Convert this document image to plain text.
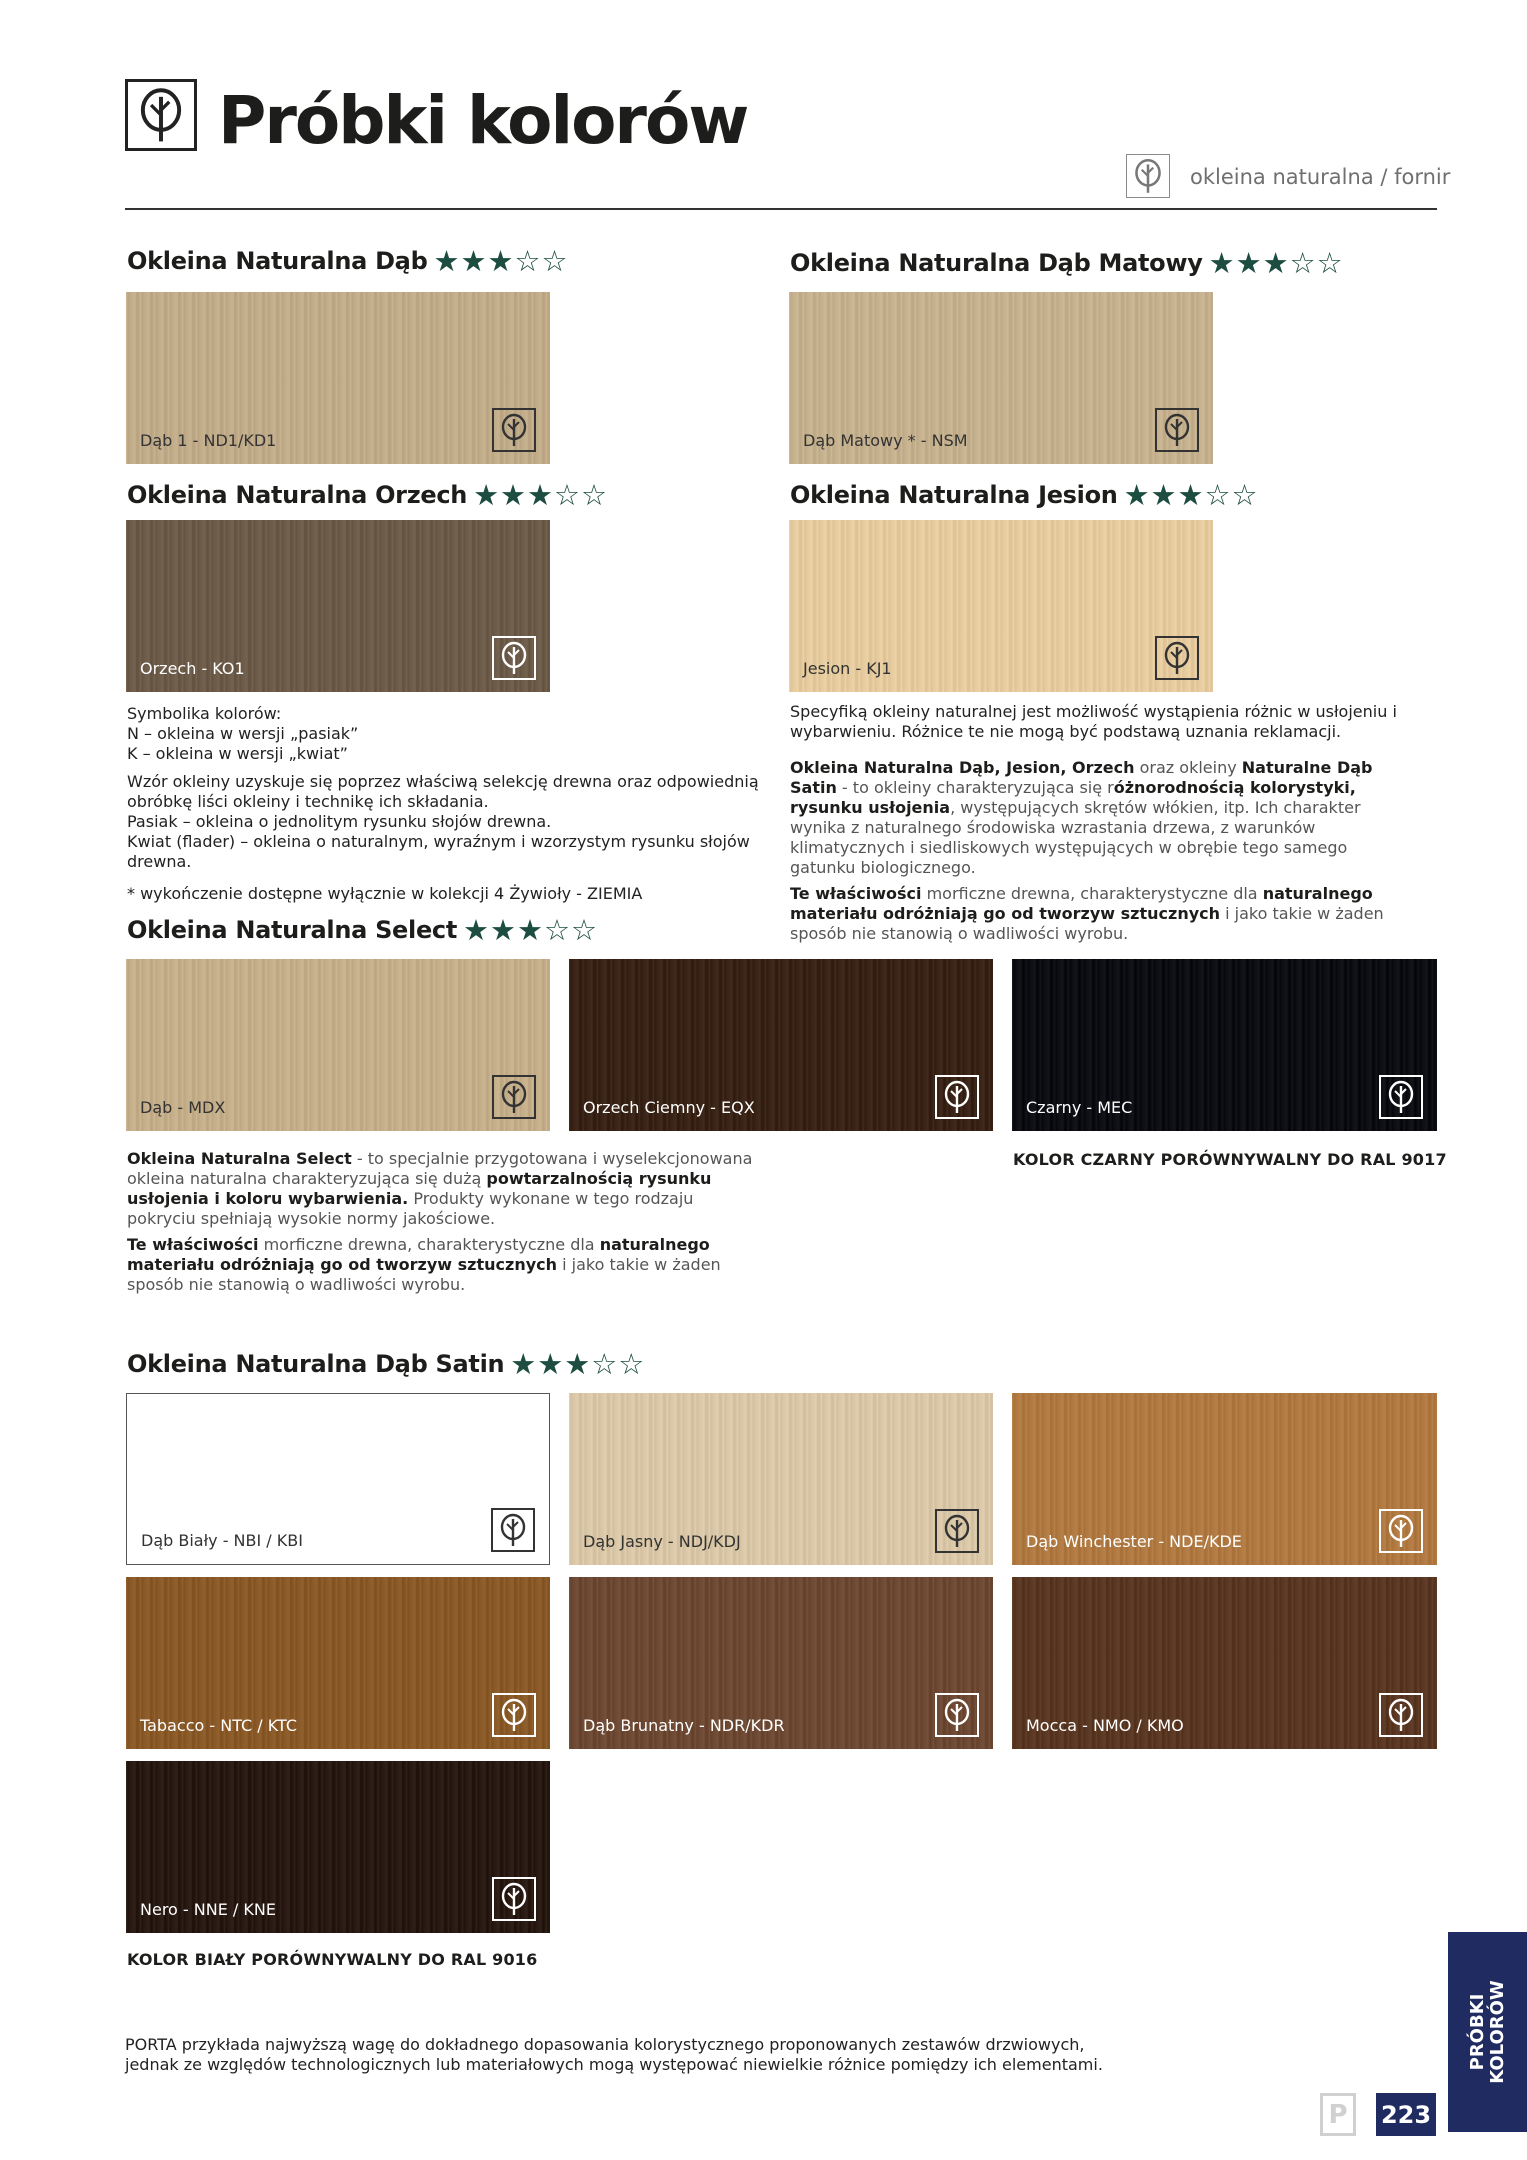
Próbki kolorów
okleina naturalna / fornir
Okleina Naturalna Dąb ★★★☆☆	Okleina Naturalna Dąb Matowy ★★★☆☆
Okleina Naturalna Orzech ★★★☆☆	Okleina Naturalna Jesion ★★★☆☆
Okleina Naturalna Select ★★★☆☆
Okleina Naturalna Dąb Satin ★★★☆☆
Dąb 1 - ND1/KD1	Dąb Matowy * - NSM
Orzech - KO1	Jesion - KJ1
Dąb - MDX	Orzech Ciemny - EQX	Czarny - MEC
Dąb Biały - NBI / KBI	Dąb Jasny - NDJ/KDJ	Dąb Winchester - NDE/KDE
Tabacco - NTC / KTC	Dąb Brunatny - NDR/KDR	Mocca - NMO / KMO
Nero - NNE / KNE

Symbolika kolorów:

N – okleina w wersji „pasiak”

K – okleina w wersji „kwiat”

Wzór okleiny uzyskuje się poprzez właściwą selekcję drewna oraz odpowiednią obróbkę liści okleiny i technikę ich składania.

Pasiak – okleina o jednolitym rysunku słojów drewna.

Kwiat (flader) – okleina o naturalnym, wyraźnym i wzorzystym rysunku słojów drewna.

* wykończenie dostępne wyłącznie w kolekcji 4 Żywioły - ZIEMIA

Specyfiką okleiny naturalnej jest możliwość wystąpienia różnic w usłojeniu i wybarwieniu. Różnice te nie mogą być podstawą uznania reklamacji.

Okleina Naturalna Dąb, Jesion, Orzech oraz okleiny Naturalne Dąb Satin - to okleiny charakteryzująca się różnorodnością kolorystyki, rysunku usłojenia, występujących skrętów włókien, itp. Ich charakter wynika z naturalnego środowiska wzrastania drzewa, z warunków klimatycznych i siedliskowych występujących w obrębie tego samego gatunku biologicznego.

Te właściwości morficzne drewna, charakterystyczne dla naturalnego materiału odróżniają go od tworzyw sztucznych i jako takie w żaden sposób nie stanowią o wadliwości wyrobu.

Okleina Naturalna Select - to specjalnie przygotowana i wyselekcjonowana okleina naturalna charakteryzująca się dużą powtarzalnością rysunku usłojenia i koloru wybarwienia. Produkty wykonane w tego rodzaju pokryciu spełniają wysokie normy jakościowe.

Te właściwości morficzne drewna, charakterystyczne dla naturalnego materiału odróżniają go od tworzyw sztucznych i jako takie w żaden sposób nie stanowią o wadliwości wyrobu.

KOLOR CZARNY PORÓWNYWALNY DO RAL 9017
KOLOR BIAŁY PORÓWNYWALNY DO RAL 9016
PORTA przykłada najwyższą wagę do dokładnego dopasowania kolorystycznego proponowanych zestawów drzwiowych,
jednak ze względów technologicznych lub materiałowych mogą występować niewielkie różnice pomiędzy ich elementami.	PRÓBKI KOLORÓW
P	223
